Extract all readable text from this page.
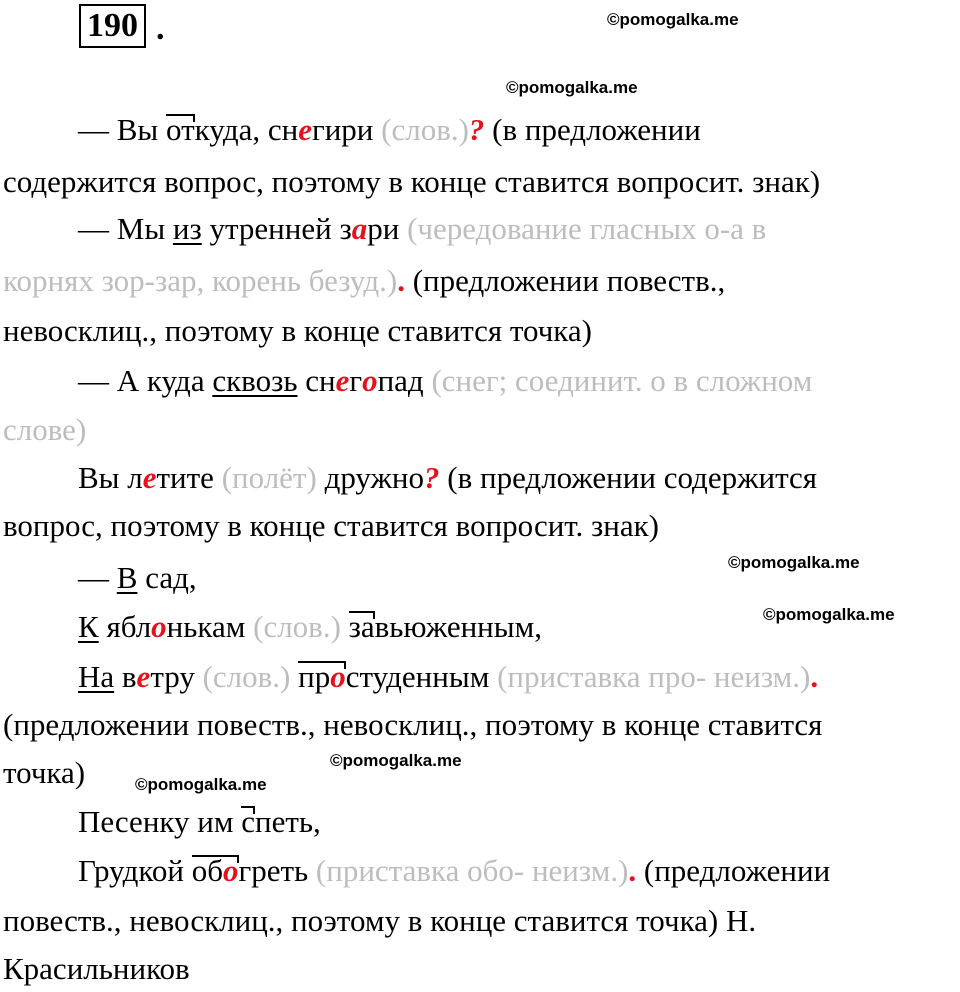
190 .	©pomogalka.me
©pomogalka.me
©pomogalka.me
©pomogalka.me
©pomogalka.me
©pomogalka.me
— Вы откуда, снегири (слов.)? (в предложении
содержится вопрос, поэтому в конце ставится вопросит. знак)
— Мы из утренней зари (чередование гласных о-а в
корнях зор-зар, корень безуд.). (предложении повеств.,
невосклиц., поэтому в конце ставится точка)
— А куда сквозь снегопад (снег; соединит. о в сложном
слове)
Вы летите (полёт) дружно? (в предложении содержится
вопрос, поэтому в конце ставится вопросит. знак)
— В сад,
К яблонькам (слов.) завьюженным,
На ветру (слов.) простуденным (приставка про- неизм.).
(предложении повеств., невосклиц., поэтому в конце ставится
точка)
Песенку им спеть,
Грудкой обогреть (приставка обо- неизм.). (предложении
повеств., невосклиц., поэтому в конце ставится точка) Н.
Красильников
